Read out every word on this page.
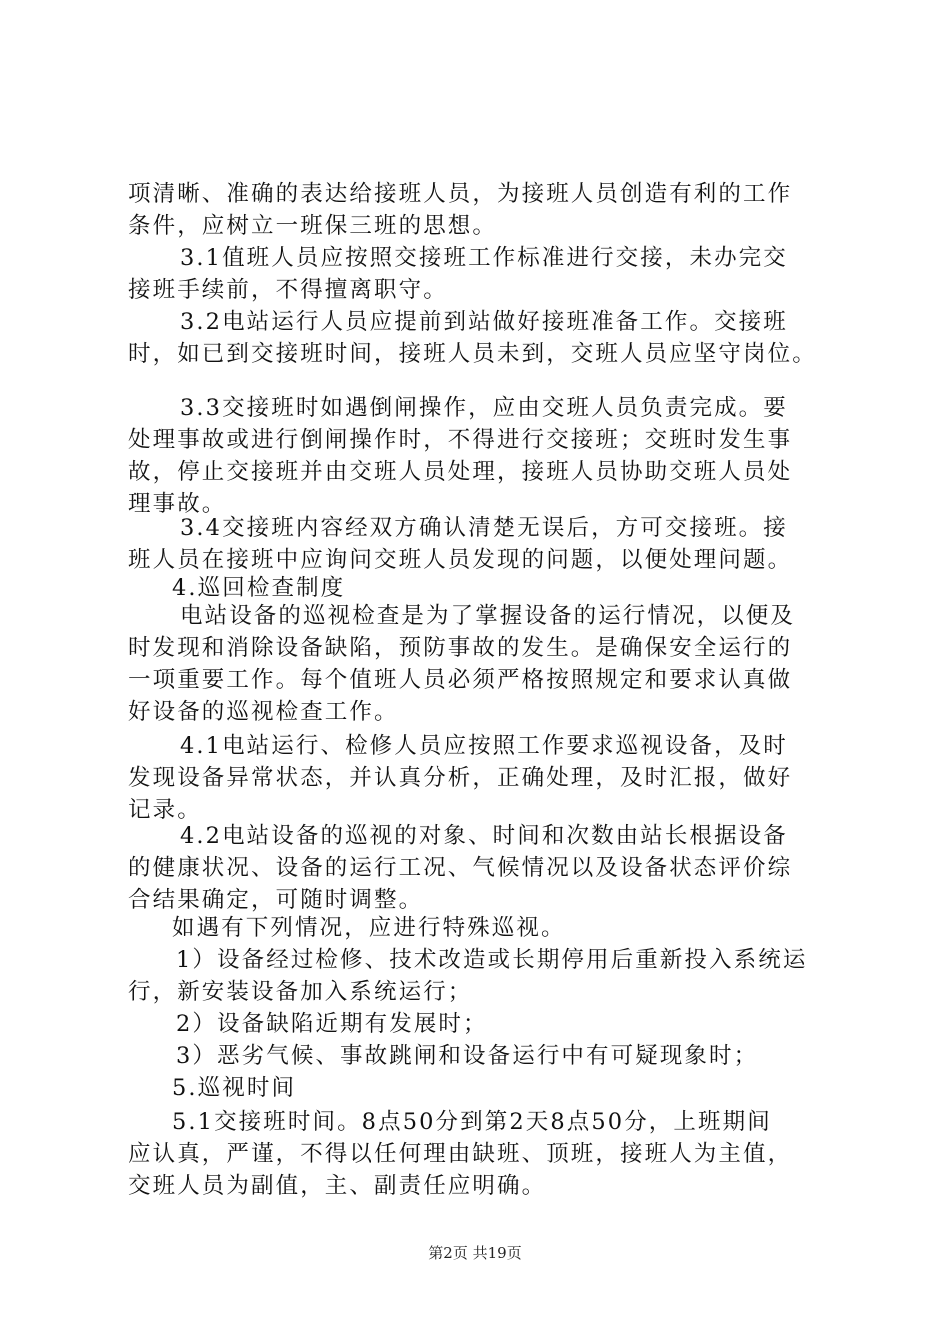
项清晰、准确的表达给接班人员，为接班人员创造有利的工作
条件，应树立一班保三班的思想。
3.1值班人员应按照交接班工作标准进行交接，未办完交
接班手续前，不得擅离职守。
3.2电站运行人员应提前到站做好接班准备工作。交接班
时，如已到交接班时间，接班人员未到，交班人员应坚守岗位。
3.3交接班时如遇倒闸操作，应由交班人员负责完成。要
处理事故或进行倒闸操作时，不得进行交接班；交班时发生事
故，停止交接班并由交班人员处理，接班人员协助交班人员处
理事故。
3.4交接班内容经双方确认清楚无误后，方可交接班。接
班人员在接班中应询问交班人员发现的问题，以便处理问题。
4.巡回检查制度
电站设备的巡视检查是为了掌握设备的运行情况，以便及
时发现和消除设备缺陷，预防事故的发生。是确保安全运行的
一项重要工作。每个值班人员必须严格按照规定和要求认真做
好设备的巡视检查工作。
4.1电站运行、检修人员应按照工作要求巡视设备，及时
发现设备异常状态，并认真分析，正确处理，及时汇报，做好
记录。
4.2电站设备的巡视的对象、时间和次数由站长根据设备
的健康状况、设备的运行工况、气候情况以及设备状态评价综
合结果确定，可随时调整。
如遇有下列情况，应进行特殊巡视。
1）设备经过检修、技术改造或长期停用后重新投入系统运
行，新安装设备加入系统运行；
2）设备缺陷近期有发展时；
3）恶劣气候、事故跳闸和设备运行中有可疑现象时；
5.巡视时间
5.1交接班时间。8点50分到第2天8点50分，上班期间
应认真，严谨，不得以任何理由缺班、顶班，接班人为主值，
交班人员为副值，主、副责任应明确。
第2页 共19页
